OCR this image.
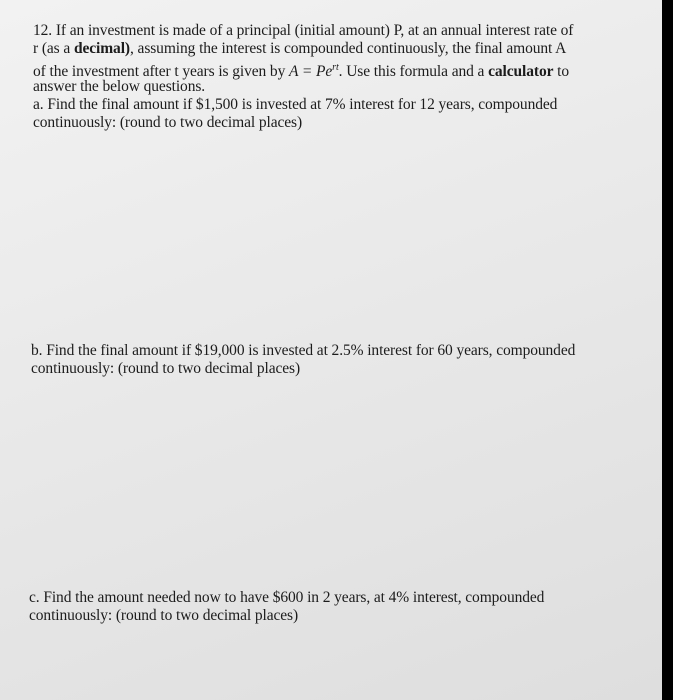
12. If an investment is made of a principal (initial amount) P, at an annual interest rate of
r (as a decimal), assuming the interest is compounded continuously, the final amount A
of the investment after t years is given by $A = Pe^{rt}$. Use this formula and a calculator to
answer the below questions.
a. Find the final amount if $1,500 is invested at 7% interest for 12 years, compounded
continuously: (round to two decimal places)
b. Find the final amount if $19,000 is invested at 2.5% interest for 60 years, compounded
continuously: (round to two decimal places)
c. Find the amount needed now to have $600 in 2 years, at 4% interest, compounded
continuously: (round to two decimal places)
